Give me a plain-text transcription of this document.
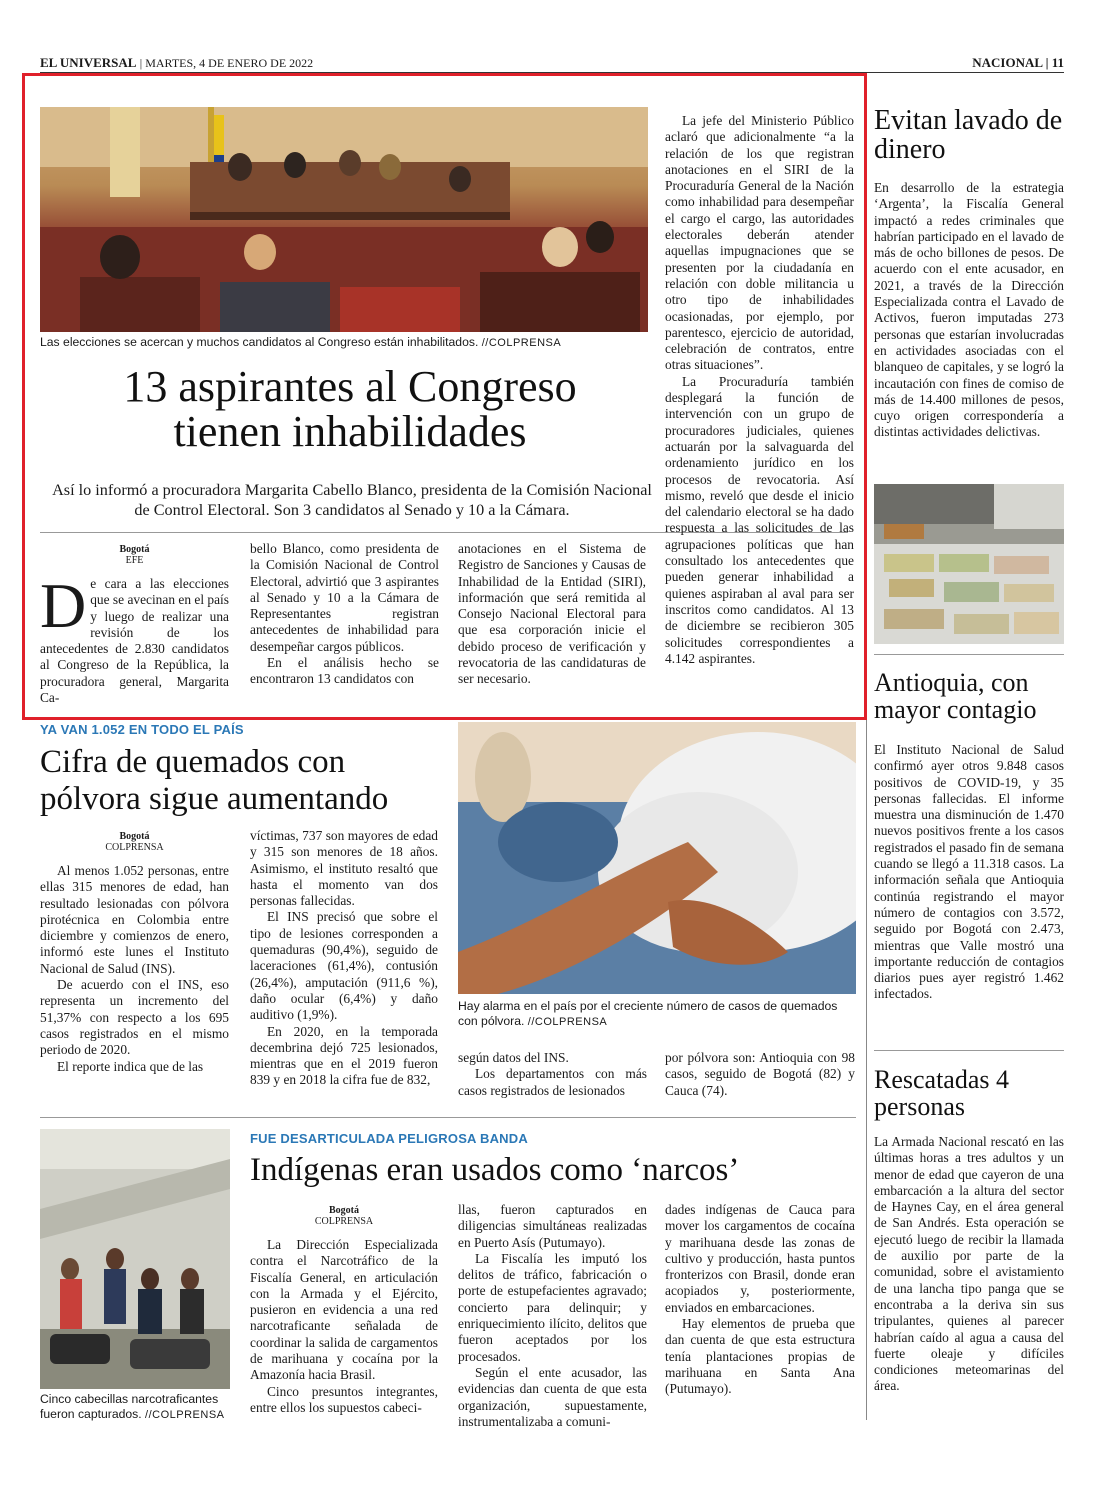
EL UNIVERSAL | MARTES, 4 DE ENERO DE 2022	NACIONAL | 11
Las elecciones se acercan y muchos candidatos al Congreso están inhabilitados. //COLPRENSA
13 aspirantes al Congreso
tienen inhabilidades
Así lo informó a procuradora Margarita Cabello Blanco, presidenta de la Comisión Nacional de Control Electoral. Son 3 candidatos al Senado y 10 a la Cámara.
Bogotá
EFE
D e cara a las elecciones que se avecinan en el país y luego de realizar una revisión de los antecedentes de 2.830 candidatos al Congreso de la República, la procuradora general, Margarita Ca-

bello Blanco, como presidenta de la Comisión Nacional de Control Electoral, advirtió que 3 aspirantes al Senado y 10 a la Cámara de Representantes registran antecedentes de inhabilidad para desempeñar cargos públicos.

En el análisis hecho se encontraron 13 candidatos con

anotaciones en el Sistema de Registro de Sanciones y Causas de Inhabilidad de la Entidad (SIRI), información que será remitida al Consejo Nacional Electoral para que esa corporación inicie el debido proceso de verificación y revocatoria de las candidaturas de ser necesario.

La jefe del Ministerio Público aclaró que adicionalmente “a la relación de los que registran anotaciones en el SIRI de la Procuraduría General de la Nación como inhabilidad para desempeñar el cargo el cargo, las autoridades electorales deberán atender aquellas impugnaciones que se presenten por la ciudadanía en relación con doble militancia u otro tipo de inhabilidades ocasionadas, por ejemplo, por parentesco, ejercicio de autoridad, celebración de contratos, entre otras situaciones”.

La Procuraduría también desplegará la función de intervención con un grupo de procuradores judiciales, quienes actuarán por la salvaguarda del ordenamiento jurídico en los procesos de revocatoria. Así mismo, reveló que desde el inicio del calendario electoral se ha dado respuesta a las solicitudes de las agrupaciones políticas que han consultado los antecedentes que pueden generar inhabilidad a quienes aspiraban al aval para ser inscritos como candidatos. Al 13 de diciembre se recibieron 305 solicitudes correspondientes a 4.142 aspirantes.

YA VAN 1.052 EN TODO EL PAÍS
Cifra de quemados con
pólvora sigue aumentando
Hay alarma en el país por el creciente número de casos de quemados con pólvora. //COLPRENSA
Bogotá
COLPRENSA

Al menos 1.052 personas, entre ellas 315 menores de edad, han resultado lesionadas con pólvora pirotécnica en Colombia entre diciembre y comienzos de enero, informó este lunes el Instituto Nacional de Salud (INS).

De acuerdo con el INS, eso representa un incremento del 51,37% con respecto a los 695 casos registrados en el mismo periodo de 2020.

El reporte indica que de las

víctimas, 737 son mayores de edad y 315 son menores de 18 años. Asimismo, el instituto resaltó que hasta el momento van dos personas fallecidas.

El INS precisó que sobre el tipo de lesiones corresponden a quemaduras (90,4%), seguido de laceraciones (61,4%), contusión (26,4%), amputación (911,6 %), daño ocular (6,4%) y daño auditivo (1,9%).

En 2020, en la temporada decembrina dejó 725 lesionados, mientras que en el 2019 fueron 839 y en 2018 la cifra fue de 832,

según datos del INS.

Los departamentos con más casos registrados de lesionados

por pólvora son: Antioquia con 98 casos, seguido de Bogotá (82) y Cauca (74).

Cinco cabecillas narcotraficantes fueron capturados. //COLPRENSA
FUE DESARTICULADA PELIGROSA BANDA
Indígenas eran usados como ‘narcos’
Bogotá
COLPRENSA

La Dirección Especializada contra el Narcotráfico de la Fiscalía General, en articulación con la Armada y el Ejército, pusieron en evidencia a una red narcotraficante señalada de coordinar la salida de cargamentos de marihuana y cocaína por la Amazonía hacia Brasil.

Cinco presuntos integrantes, entre ellos los supuestos cabeci-

llas, fueron capturados en diligencias simultáneas realizadas en Puerto Asís (Putumayo).

La Fiscalía les imputó los delitos de tráfico, fabricación o porte de estupefacientes agravado; concierto para delinquir; y enriquecimiento ilícito, delitos que fueron aceptados por los procesados.

Según el ente acusador, las evidencias dan cuenta de que esta organización, supuestamente, instrumentalizaba a comuni-

dades indígenas de Cauca para mover los cargamentos de cocaína y marihuana desde las zonas de cultivo y producción, hasta puntos fronterizos con Brasil, donde eran acopiados y, posteriormente, enviados en embarcaciones.

Hay elementos de prueba que dan cuenta de que esta estructura tenía plantaciones propias de marihuana en Santa Ana (Putumayo).

Evitan lavado de dinero

En desarrollo de la estrategia ‘Argenta’, la Fiscalía General impactó a redes criminales que habrían participado en el lavado de más de ocho billones de pesos. De acuerdo con el ente acusador, en 2021, a través de la Dirección Especializada contra el Lavado de Activos, fueron imputadas 273 personas que estarían involucradas en actividades asociadas con el blanqueo de capitales, y se logró la incautación con fines de comiso de más de 14.400 millones de pesos, cuyo origen correspondería a distintas actividades delictivas.

Antioquia, con mayor contagio

El Instituto Nacional de Salud confirmó ayer otros 9.848 casos positivos de COVID-19, y 35 personas fallecidas. El informe muestra una disminución de 1.470 nuevos positivos frente a los casos registrados el pasado fin de semana cuando se llegó a 11.318 casos. La información señala que Antioquia continúa registrando el mayor número de contagios con 3.572, seguido por Bogotá con 2.473, mientras que Valle mostró una importante reducción de contagios diarios pues ayer registró 1.462 infectados.

Rescatadas 4 personas

La Armada Nacional rescató en las últimas horas a tres adultos y un menor de edad que cayeron de una embarcación a la altura del sector de Haynes Cay, en el área general de San Andrés. Esta operación se ejecutó luego de recibir la llamada de auxilio por parte de la comunidad, sobre el avistamiento de una lancha tipo panga que se encontraba a la deriva sin sus tripulantes, quienes al parecer habrían caído al agua a causa del fuerte oleaje y difíciles condiciones meteomarinas del área.
